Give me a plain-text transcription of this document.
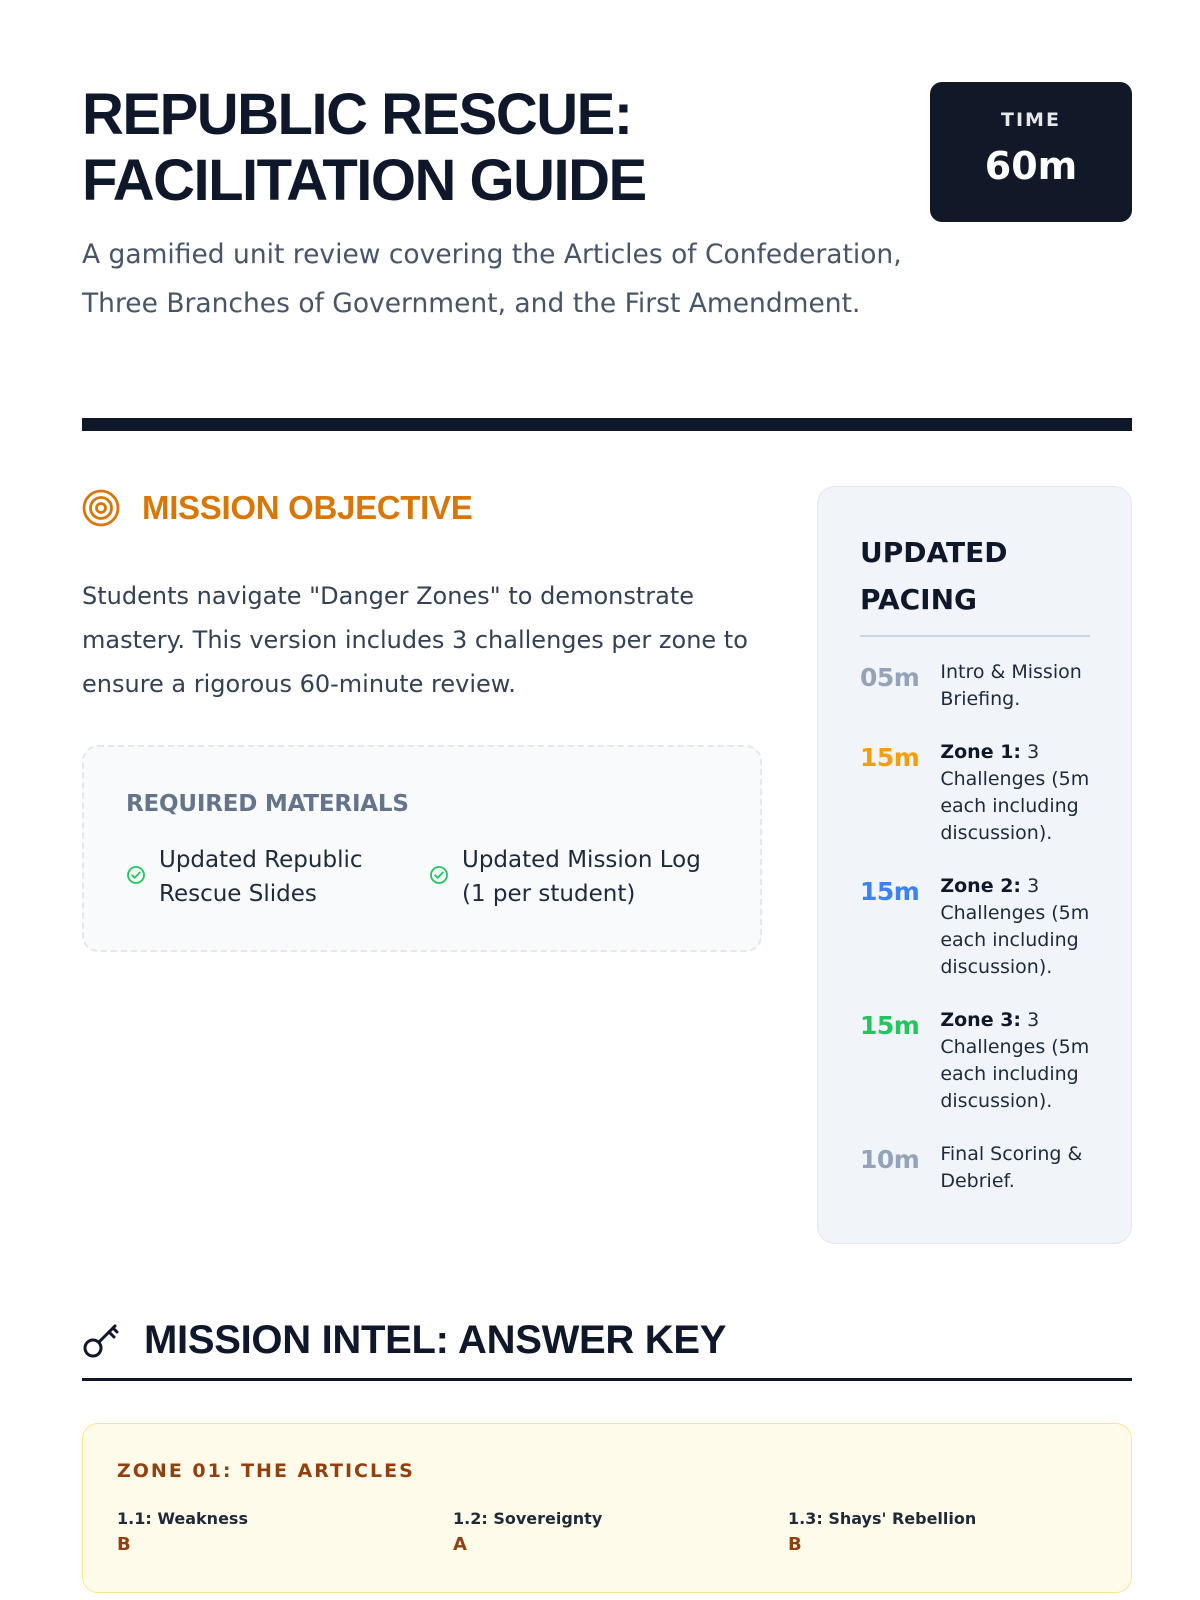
REPUBLIC RESCUE:
FACILITATION GUIDE

A gamified unit review covering the Articles of Confederation, Three Branches of Government, and the First Amendment.

TIME
60m
MISSION OBJECTIVE

Students navigate "Danger Zones" to demonstrate mastery. This version includes 3 challenges per zone to ensure a rigorous 60-minute review.

REQUIRED MATERIALS
Updated Republic Rescue Slides
Updated Mission Log (1 per student)
UPDATED PACING
05m Intro & Mission Briefing.
15m Zone 1: 3 Challenges (5m each including discussion).
15m Zone 2: 3 Challenges (5m each including discussion).
15m Zone 3: 3 Challenges (5m each including discussion).
10m Final Scoring & Debrief.
MISSION INTEL: ANSWER KEY
ZONE 01: THE ARTICLES
1.1: Weakness
B
1.2: Sovereignty
A
1.3: Shays' Rebellion
B
